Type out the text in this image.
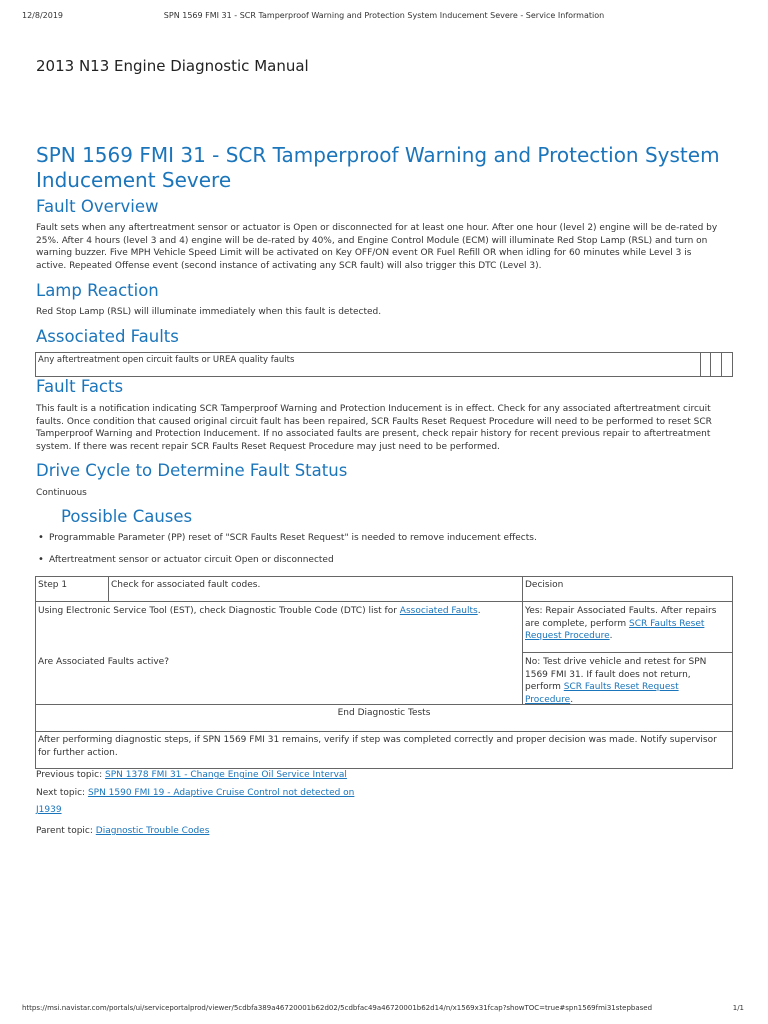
12/8/2019	SPN 1569 FMI 31 - SCR Tamperproof Warning and Protection System Inducement Severe - Service Information
2013 N13 Engine Diagnostic Manual
SPN 1569 FMI 31 - SCR Tamperproof Warning and Protection System Inducement Severe
Fault Overview

Fault sets when any aftertreatment sensor or actuator is Open or disconnected for at least one hour. After one hour (level 2) engine will be de-rated by 25%. After 4 hours (level 3 and 4) engine will be de-rated by 40%, and Engine Control Module (ECM) will illuminate Red Stop Lamp (RSL) and turn on warning buzzer. Five MPH Vehicle Speed Limit will be activated on Key OFF/ON event OR Fuel Refill OR when idling for 60 minutes while Level 3 is active. Repeated Offense event (second instance of activating any SCR fault) will also trigger this DTC (Level 3).

Lamp Reaction

Red Stop Lamp (RSL) will illuminate immediately when this fault is detected.

Associated Faults
Any aftertreatment open circuit faults or UREA quality faults
Fault Facts

This fault is a notification indicating SCR Tamperproof Warning and Protection Inducement is in effect. Check for any associated aftertreatment circuit faults. Once condition that caused original circuit fault has been repaired, SCR Faults Reset Request Procedure will need to be performed to reset SCR Tamperproof Warning and Protection Inducement. If no associated faults are present, check repair history for recent previous repair to aftertreatment system. If there was recent repair SCR Faults Reset Request Procedure may just need to be performed.

Drive Cycle to Determine Fault Status

Continuous

Possible Causes
• Programmable Parameter (PP) reset of "SCR Faults Reset Request" is needed to remove inducement effects.
• Aftertreatment sensor or actuator circuit Open or disconnected
Step 1	Check for associated fault codes.	Decision
Using Electronic Service Tool (EST), check Diagnostic Trouble Code (DTC) list for Associated Faults.
Are Associated Faults active?
Yes: Repair Associated Faults. After repairs are complete, perform SCR Faults Reset Request Procedure.
No: Test drive vehicle and retest for SPN 1569 FMI 31. If fault does not return, perform SCR Faults Reset Request Procedure.
End Diagnostic Tests
After performing diagnostic steps, if SPN 1569 FMI 31 remains, verify if step was completed correctly and proper decision was made. Notify supervisor for further action.
Previous topic: SPN 1378 FMI 31 - Change Engine Oil Service Interval
Next topic: SPN 1590 FMI 19 - Adaptive Cruise Control not detected on
J1939
Parent topic: Diagnostic Trouble Codes
https://msi.navistar.com/portals/ui/serviceportalprod/viewer/5cdbfa389a46720001b62d02/5cdbfac49a46720001b62d14/n/x1569x31fcap?showTOC=true#spn1569fmi31stepbased	1/1
